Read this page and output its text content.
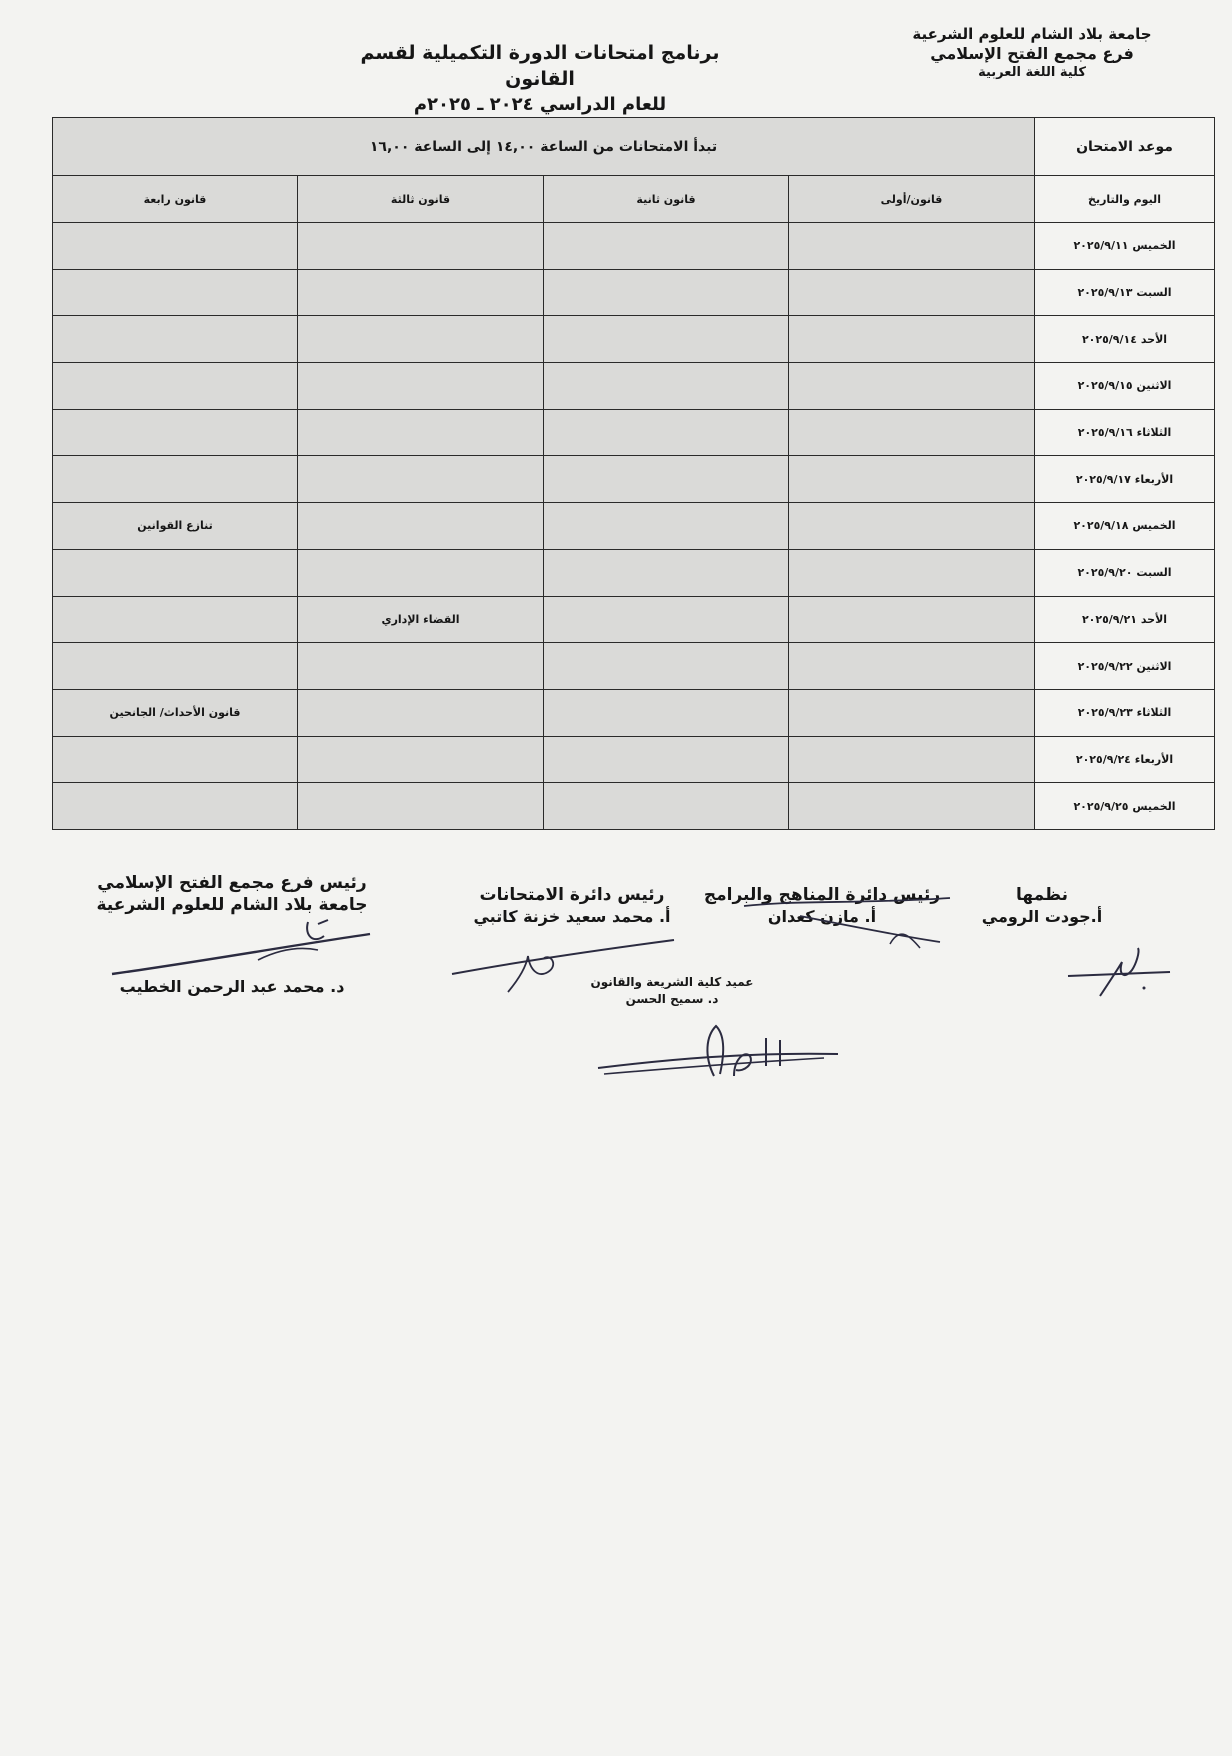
جامعة بلاد الشام للعلوم الشرعية
فرع مجمع الفتح الإسلامي
كلية اللغة العربية
برنامج امتحانات الدورة التكميلية لقسم القانون
للعام الدراسي ٢٠٢٤ ـ ٢٠٢٥م
موعد الامتحان	تبدأ الامتحانات من الساعة ١٤,٠٠ إلى الساعة ١٦,٠٠			
اليوم والتاريخ	قانون/أولى	قانون ثانية	قانون ثالثة	قانون رابعة
الخميس ٢٠٢٥/٩/١١				
السبت ٢٠٢٥/٩/١٣				
الأحد ٢٠٢٥/٩/١٤				
الاثنين ٢٠٢٥/٩/١٥				
الثلاثاء ٢٠٢٥/٩/١٦				
الأربعاء ٢٠٢٥/٩/١٧				
الخميس ٢٠٢٥/٩/١٨				تنازع القوانين
السبت ٢٠٢٥/٩/٢٠				
الأحد ٢٠٢٥/٩/٢١			القضاء الإداري	
الاثنين ٢٠٢٥/٩/٢٢				
الثلاثاء ٢٠٢٥/٩/٢٣				قانون الأحداث/ الجانحين
الأربعاء ٢٠٢٥/٩/٢٤				
الخميس ٢٠٢٥/٩/٢٥				
نظمها
أ.جودت الرومي
رئيس دائرة المناهج والبرامج
أ. مازن كعدان
رئيس دائرة الامتحانات
أ. محمد سعيد خزنة كاتبي
رئيس فرع مجمع الفتح الإسلامي
جامعة بلاد الشام للعلوم الشرعية
د. محمد عبد الرحمن الخطيب	عميد كلية الشريعة والقانون
د. سميح الحسن
